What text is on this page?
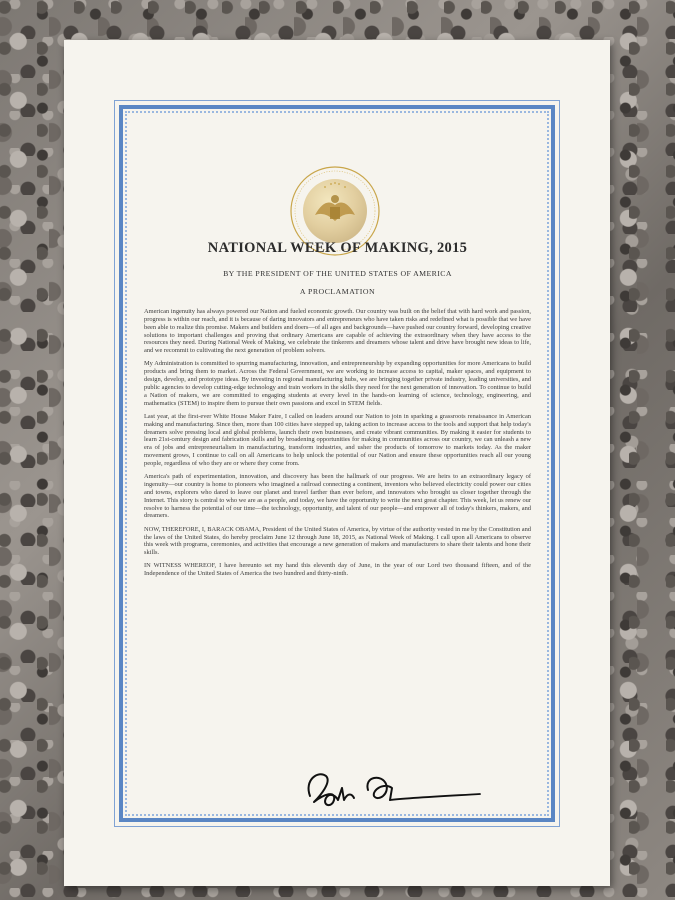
NATIONAL WEEK OF MAKING, 2015
BY THE PRESIDENT OF THE UNITED STATES OF AMERICA
A PROCLAMATION

American ingenuity has always powered our Nation and fueled economic growth. Our country was built on the belief that with hard work and passion, progress is within our reach, and it is because of daring innovators and entrepreneurs who have taken risks and redefined what is possible that we have been able to realize this promise. Makers and builders and doers—of all ages and backgrounds—have pushed our country forward, developing creative solutions to important challenges and proving that ordinary Americans are capable of achieving the extraordinary when they have access to the resources they need. During National Week of Making, we celebrate the tinkerers and dreamers whose talent and drive have brought new ideas to life, and we recommit to cultivating the next generation of problem solvers.

My Administration is committed to spurring manufacturing, innovation, and entrepreneurship by expanding opportunities for more Americans to build products and bring them to market. Across the Federal Government, we are working to increase access to capital, maker spaces, and equipment to design, develop, and prototype ideas. By investing in regional manufacturing hubs, we are bringing together private industry, leading universities, and public agencies to develop cutting-edge technology and train workers in the skills they need for the next generation of innovation. To continue to build a Nation of makers, we are committed to engaging students at every level in the hands-on learning of science, technology, engineering, and mathematics (STEM) to inspire them to pursue their own passions and excel in STEM fields.

Last year, at the first-ever White House Maker Faire, I called on leaders around our Nation to join in sparking a grassroots renaissance in American making and manufacturing. Since then, more than 100 cities have stepped up, taking action to increase access to the tools and support that help today's dreamers solve pressing local and global problems, launch their own businesses, and create vibrant communities. By making it easier for students to learn 21st-century design and fabrication skills and by broadening opportunities for making in communities across our country, we can unleash a new era of jobs and entrepreneurialism in manufacturing, transform industries, and usher the products of tomorrow to markets today. As the maker movement grows, I continue to call on all Americans to help unlock the potential of our Nation and ensure these opportunities reach all our young people, regardless of who they are or where they come from.

America's path of experimentation, innovation, and discovery has been the hallmark of our progress. We are heirs to an extraordinary legacy of ingenuity—our country is home to pioneers who imagined a railroad connecting a continent, inventors who believed electricity could power our cities and towns, explorers who dared to leave our planet and travel farther than ever before, and innovators who brought us closer together through the Internet. This story is central to who we are as a people, and today, we have the opportunity to write the next great chapter. This week, let us renew our resolve to harness the potential of our time—the technology, opportunity, and talent of our people—and empower all of today's thinkers, makers, and dreamers.

NOW, THEREFORE, I, BARACK OBAMA, President of the United States of America, by virtue of the authority vested in me by the Constitution and the laws of the United States, do hereby proclaim June 12 through June 18, 2015, as National Week of Making. I call upon all Americans to observe this week with programs, ceremonies, and activities that encourage a new generation of makers and manufacturers to share their talents and hone their skills.

IN WITNESS WHEREOF, I have hereunto set my hand this eleventh day of June, in the year of our Lord two thousand fifteen, and of the Independence of the United States of America the two hundred and thirty-ninth.
